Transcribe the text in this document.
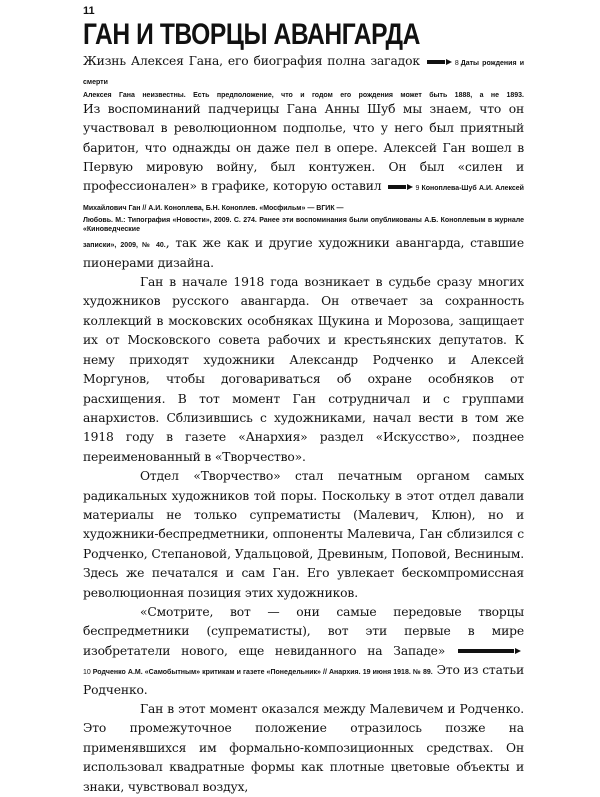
11
ГАН И ТВОРЦЫ АВАНГАРДА

Жизнь Алексея Гана, его биография полна загадок	8 Даты рождения и смерти
Алексея Гана неизвестны. Есть предположение, что и годом его рождения может быть 1888, а не 1893.
Из воспоминаний падчерицы Гана Анны Шуб мы знаем, что он участвовал в революционном подполье, что у него был приятный баритон, что однажды он даже пел в опере. Алексей Ган вошел в Первую мировую войну, был контужен. Он был «силен и профессионален» в графике, которую оставил	9 Коноплева-Шуб А.И. Алексей Михайлович Ган // А.И. Коноплева, Б.Н. Коноплев. «Мосфильм» — ВГИК —
Любовь. М.: Типография «Новости», 2009. С. 274. Ранее эти воспоминания были опубликованы А.Б. Коноплевым в журнале «Киноведческие
записки», 2009, № 40., так же как и другие художники авангарда, ставшие пионерами дизайна.

Ган в начале 1918 года возникает в судьбе сразу многих художников русского авангарда. Он отвечает за сохранность коллекций в московских особняках Щукина и Морозова, защищает их от Московского совета рабочих и крестьянских депутатов. К нему приходят художники Александр Родченко и Алексей Моргунов, чтобы договариваться об охране особняков от расхищения. В тот момент Ган сотрудничал и с группами анархистов. Сблизившись с художниками, начал вести в том же 1918 году в газете «Анархия» раздел «Искусство», позднее переименованный в «Творчество».

Отдел «Творчество» стал печатным органом самых радикальных художников той поры. Поскольку в этот отдел давали материалы не только супрематисты (Малевич, Клюн), но и художники-беспредметники, оппоненты Малевича, Ган сблизился с Родченко, Степановой, Удальцовой, Древиным, Поповой, Весниным. Здесь же печатался и сам Ган. Его увлекает бескомпромиссная революционная позиция этих художников.

«Смотрите, вот — они самые передовые творцы беспредметники (супрематисты), вот эти первые в мире изобретатели нового, еще невиданного на Западе» 10 Родченко А.М. «Самобытным» критикам и газете «Понедельник» // Анархия. 19 июня 1918. № 89. Это из статьи Родченко.

Ган в этот момент оказался между Малевичем и Родченко. Это промежуточное положение отразилось позже на применявшихся им формально-композиционных средствах. Он использовал квадратные формы как плотные цветовые объекты и знаки, чувствовал воздух,
